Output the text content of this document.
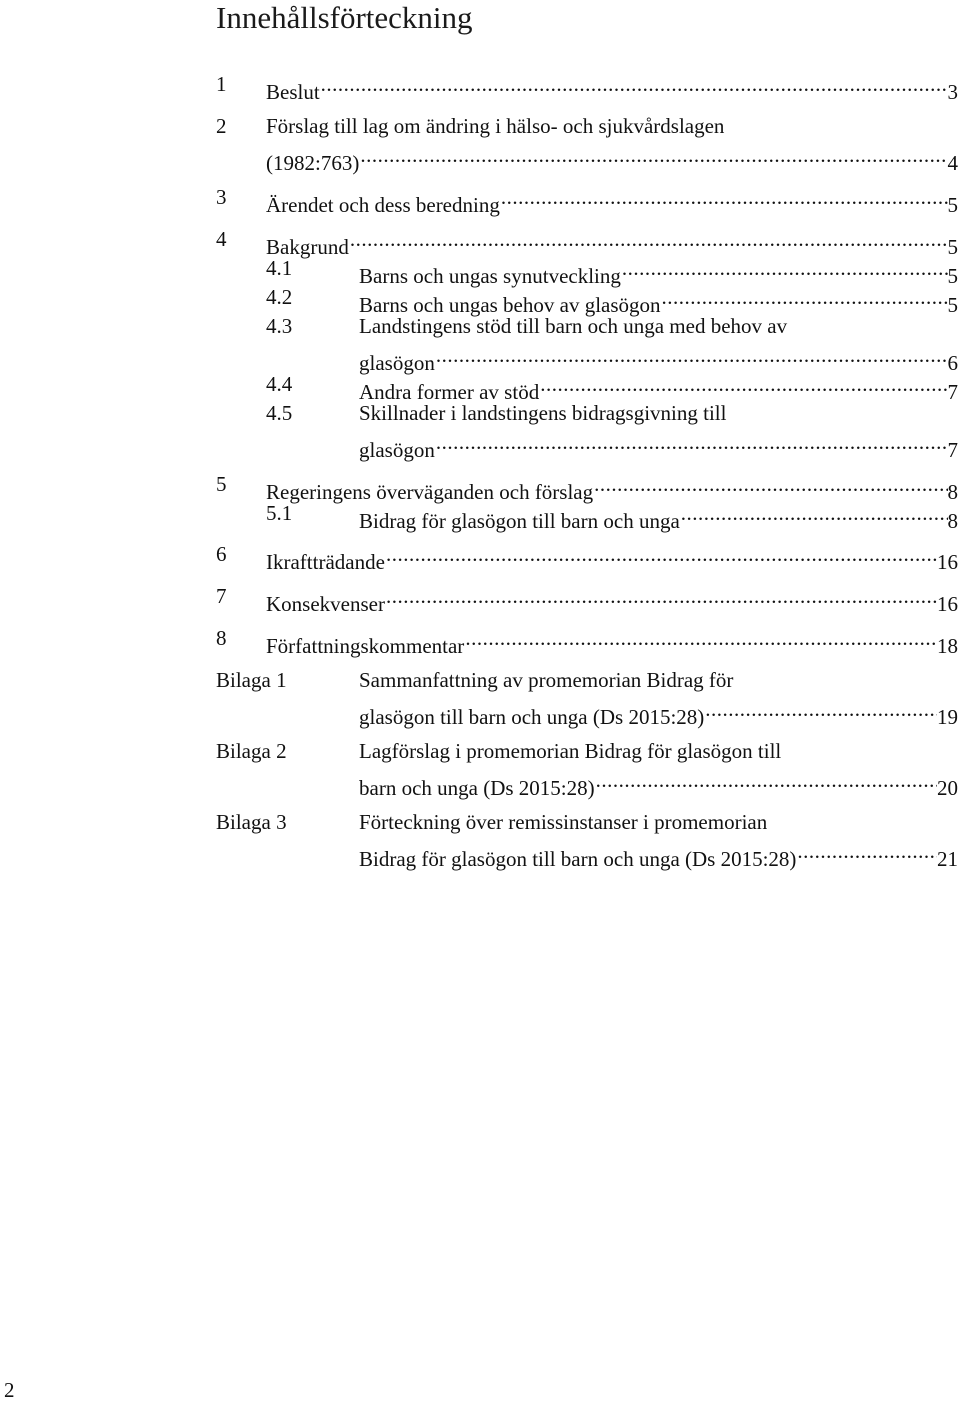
Innehållsförteckning
1 Beslut .....	3
2 Förslag till lag om ändring i hälso- och sjukvårdslagen
(1982:763) .....	4
3 Ärendet och dess beredning .....	5
4 Bakgrund .....	5
4.1	Barns och ungas synutveckling .....	5
4.2	Barns och ungas behov av glasögon .....	5
4.3	Landstingens stöd till barn och unga med behov av
glasögon .....	6
4.4	Andra former av stöd .....	7
4.5	Skillnader i landstingens bidragsgivning till
glasögon .....	7
5 Regeringens överväganden och förslag .....	8
5.1	Bidrag för glasögon till barn och unga .....	8
6 Ikraftträdande .....	16
7 Konsekvenser .....	16
8 Författningskommentar .....	18
Bilaga 1	Sammanfattning av promemorian Bidrag för
glasögon till barn och unga (Ds 2015:28) .....	19
Bilaga 2	Lagförslag i promemorian Bidrag för glasögon till
barn och unga (Ds 2015:28) .....	20
Bilaga 3	Förteckning över remissinstanser i promemorian
Bidrag för glasögon till barn och unga (Ds 2015:28) .....	21
2
